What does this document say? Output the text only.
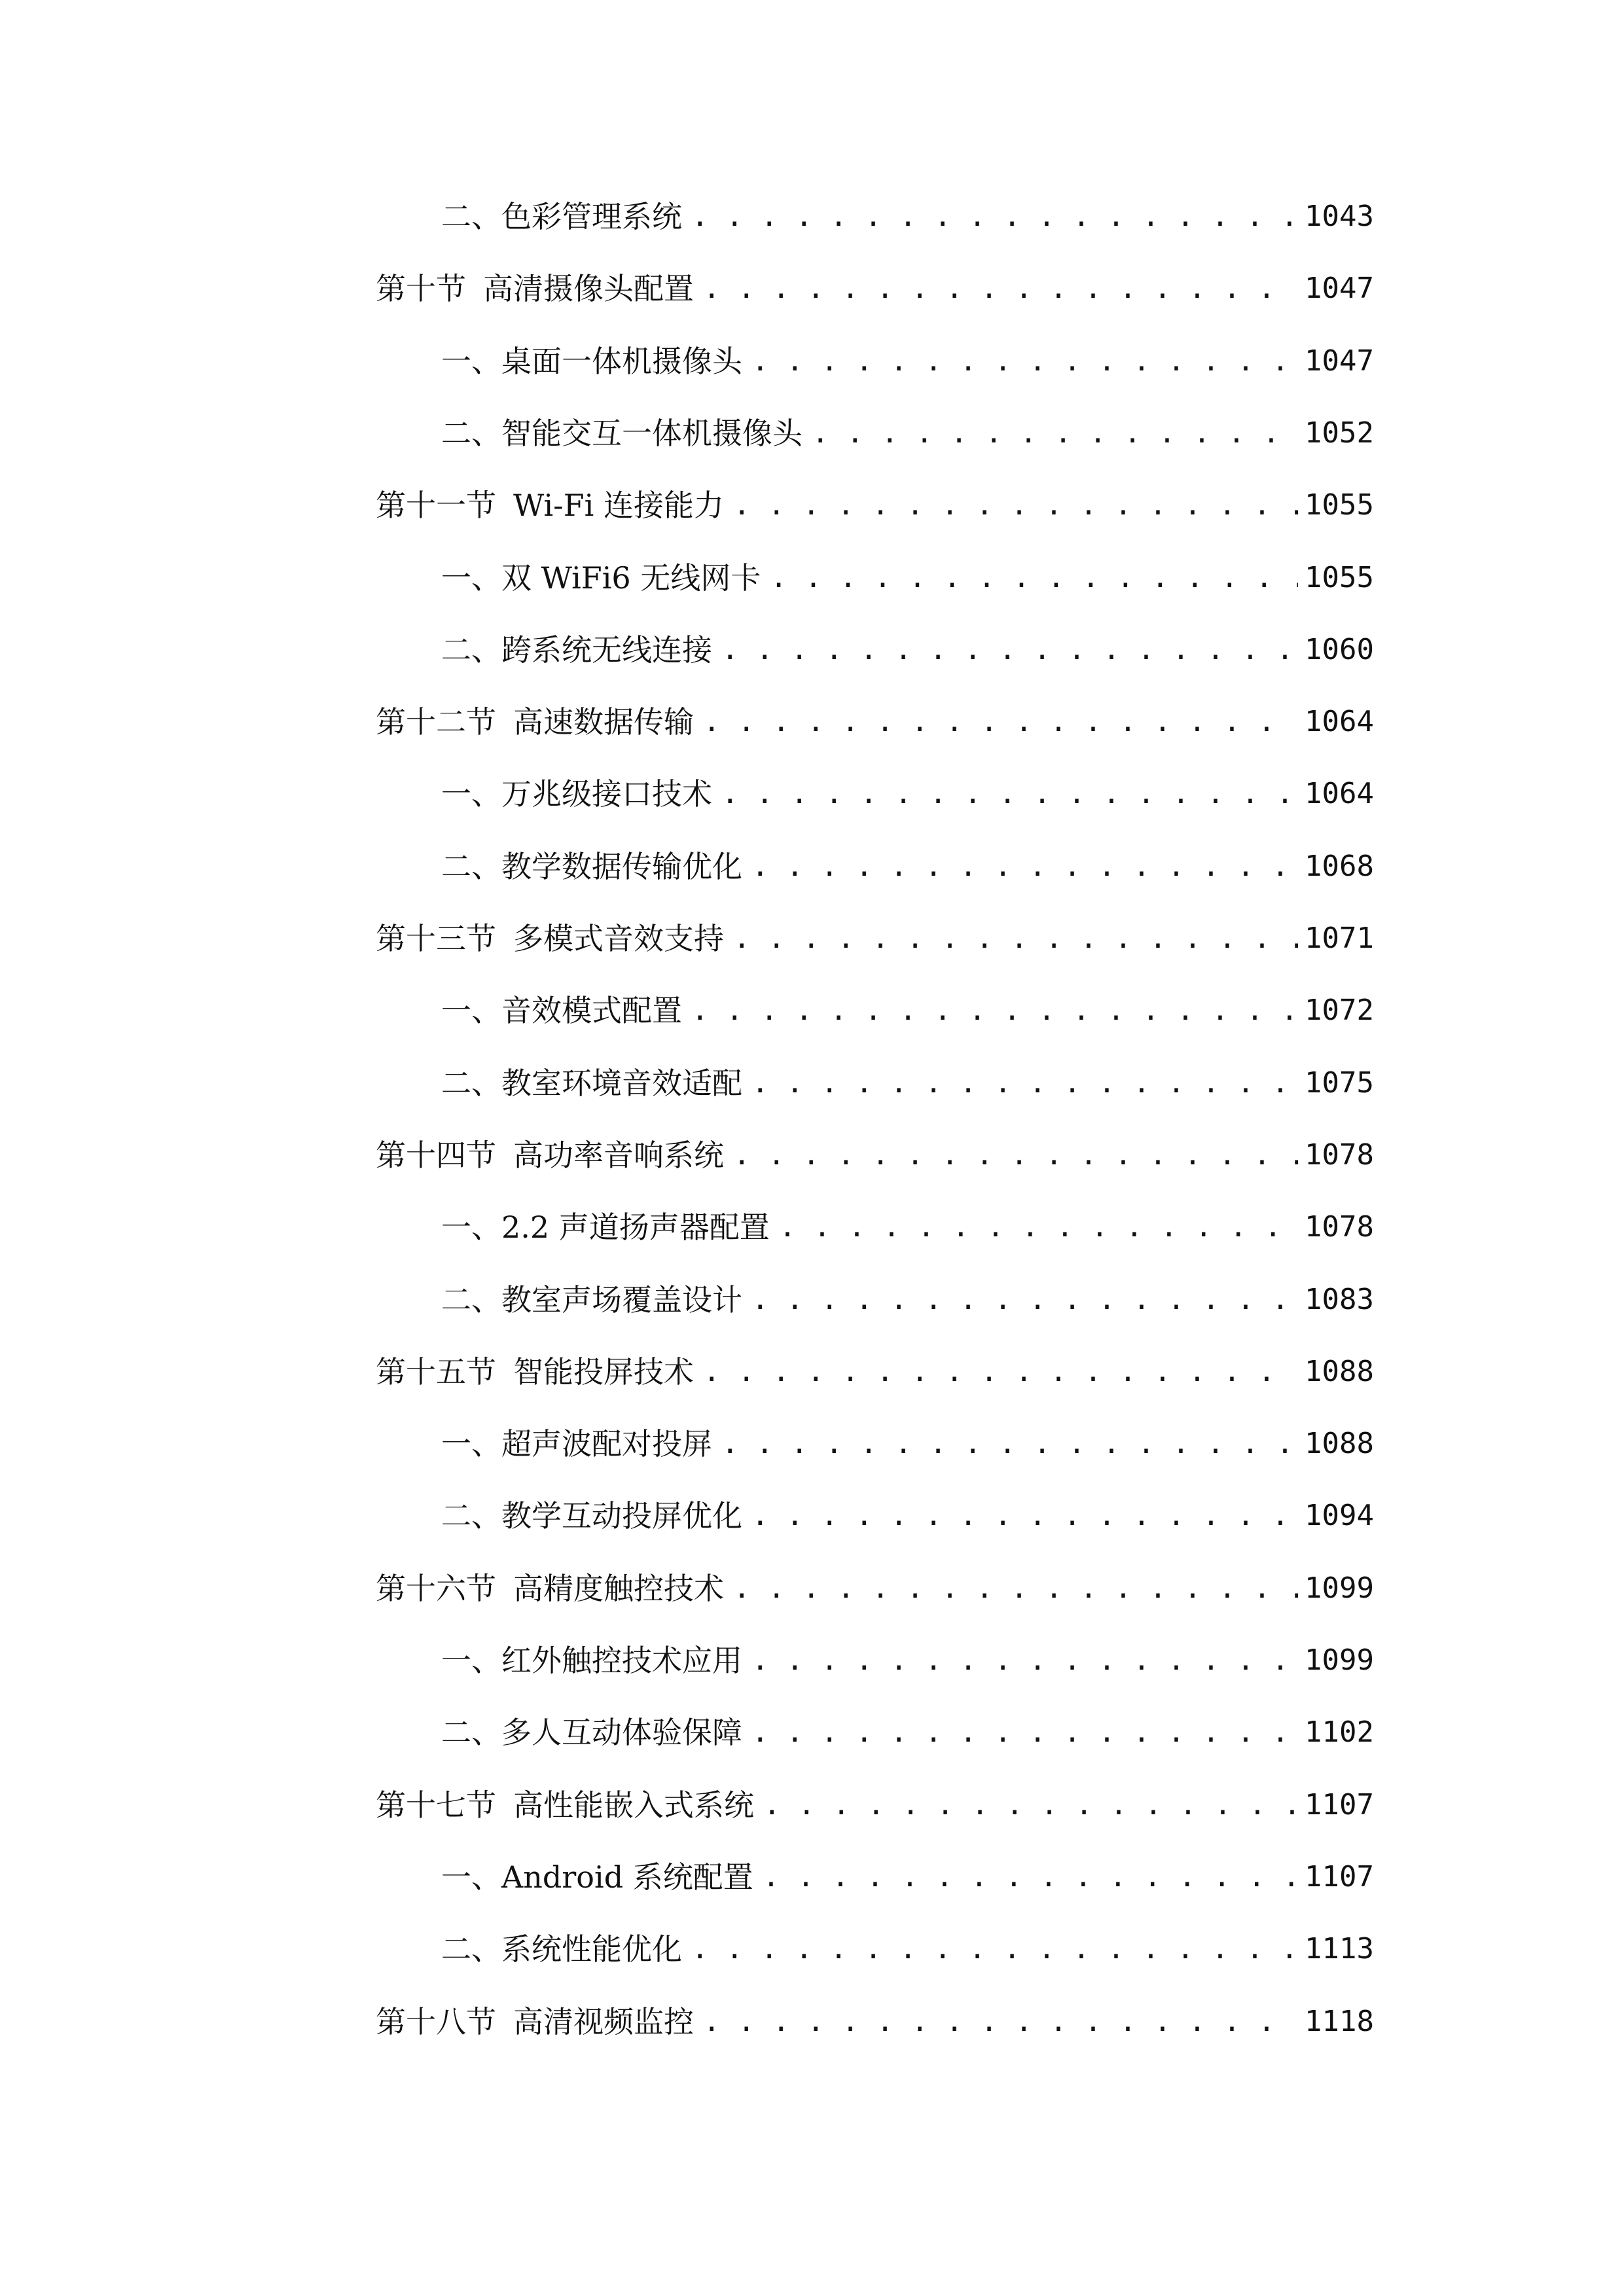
二、 色彩管理系统 . . .	1043
第十节 高清摄像头配置 . . .	1047
一、 桌面一体机摄像头 . . .	1047
二、 智能交互一体机摄像头 . . .	1052
第十一节 Wi-Fi 连接能力 . . .	1055
一、 双 WiFi6 无线网卡 . . .	1055
二、 跨系统无线连接 . . .	1060
第十二节 高速数据传输 . . .	1064
一、 万兆级接口技术 . . .	1064
二、 教学数据传输优化 . . .	1068
第十三节 多模式音效支持 . . .	1071
一、 音效模式配置 . . .	1072
二、 教室环境音效适配 . . .	1075
第十四节 高功率音响系统 . . .	1078
一、 2.2 声道扬声器配置 . . .	1078
二、 教室声场覆盖设计 . . .	1083
第十五节 智能投屏技术 . . .	1088
一、 超声波配对投屏 . . .	1088
二、 教学互动投屏优化 . . .	1094
第十六节 高精度触控技术 . . .	1099
一、 红外触控技术应用 . . .	1099
二、 多人互动体验保障 . . .	1102
第十七节 高性能嵌入式系统 . . .	1107
一、 Android 系统配置 . . .	1107
二、 系统性能优化 . . .	1113
第十八节 高清视频监控 . . .	1118
